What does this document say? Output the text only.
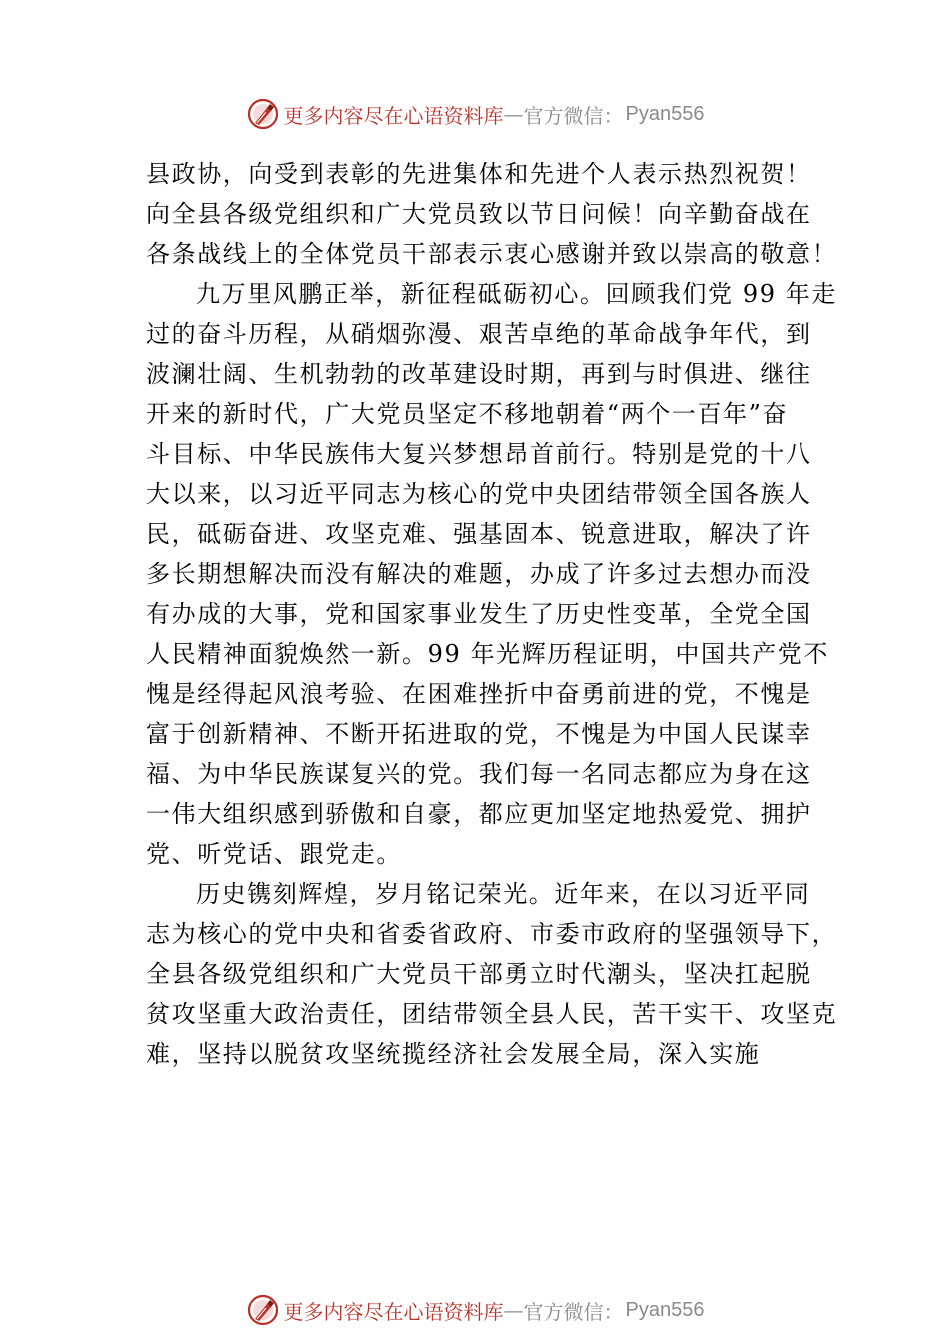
更多内容尽在心语资料库 — 官方微信： Pyan556
县政协，向受到表彰的先进集体和先进个人表示热烈祝贺！
向全县各级党组织和广大党员致以节日问候！向辛勤奋战在
各条战线上的全体党员干部表示衷心感谢并致以崇高的敬意！
九万里风鹏正举，新征程砥砺初心。回顾我们党 99 年走
过的奋斗历程，从硝烟弥漫、艰苦卓绝的革命战争年代，到
波澜壮阔、生机勃勃的改革建设时期，再到与时俱进、继往
开来的新时代，广大党员坚定不移地朝着“两个一百年”奋
斗目标、中华民族伟大复兴梦想昂首前行。特别是党的十八
大以来，以习近平同志为核心的党中央团结带领全国各族人
民，砥砺奋进、攻坚克难、强基固本、锐意进取，解决了许
多长期想解决而没有解决的难题，办成了许多过去想办而没
有办成的大事，党和国家事业发生了历史性变革，全党全国
人民精神面貌焕然一新。99 年光辉历程证明，中国共产党不
愧是经得起风浪考验、在困难挫折中奋勇前进的党，不愧是
富于创新精神、不断开拓进取的党，不愧是为中国人民谋幸
福、为中华民族谋复兴的党。我们每一名同志都应为身在这
一伟大组织感到骄傲和自豪，都应更加坚定地热爱党、拥护
党、听党话、跟党走。
历史镌刻辉煌，岁月铭记荣光。近年来，在以习近平同
志为核心的党中央和省委省政府、市委市政府的坚强领导下，
全县各级党组织和广大党员干部勇立时代潮头，坚决扛起脱
贫攻坚重大政治责任，团结带领全县人民，苦干实干、攻坚克
难，坚持以脱贫攻坚统揽经济社会发展全局，深入实施
更多内容尽在心语资料库 — 官方微信： Pyan556
